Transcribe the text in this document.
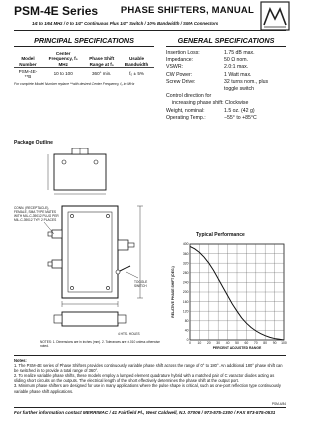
PSM-4E Series PHASE SHIFTERS, MANUAL
1⁄4 to 1⁄64 MHz / 0 to 1⁄4" Continuous Plus 1⁄4" Switch / 10% Bandwidth / SMA Connectors
PRINCIPAL SPECIFICATIONS
Model Number	Center Frequency, f₀ MHz	Phase Shift Range at f₀	Usable Bandwidth
PSM-4E-**B	10 to 100	360° min.	f₀ ± 5%
For complete Model Number replace **with desired Center Frequency, f₀ in MHz
GENERAL SPECIFICATIONS
Insertion Loss:	1.75 dB max.
Impedance:	50 Ω nom.
VSWR:	2.0:1 max.
CW Power:	1 Watt max.
Screw Drive:	32 turns nom., plus
toggle switch
Control direction for
increasing phase shift: Clockwise
Weight, nominal:	1.5 oz. (42 g)
Operating Temp.:	−55° to +85°C
Package Outline
CONN. (RECEPTACLE), FEMALE, SMA TYPE MATES WITH MIL-C-39012 PLUG PER MIL-C-39012 TYP. 2 PLACES
TOGGLE SWITCH
4 HTS. HOLES
NOTES: 1. Dimensions are in inches (mm). 2. Tolerances are ±.010 unless otherwise noted.
Typical Performance
0 10 20 30 40 50 60 70 80 90 100
0
40
80
120
160
200
240
280
320
360
400
PERCENT ADJUSTED RANGE
RELATIVE PHASE SHIFT (DEG.)
Notes:
1. The PSM-4E series of Phase Shifters provides continuously variable phase shift across the range of 0° to 180°. An additional 180° phase shift can be switched in to provide a total range of 360°.
2. To realize variable phase shifts, these models employ a lumped element quadrature hybrid with a matched pair of C varactor diodes acting as sliding short circuits on the outputs. The electrical length of the short effectively determines the phase shift at the output port.
3. Minimum phase shifters are designed for use in many applications where the pulse shape is critical, such as one-port reflection type continuously variable phase shift applications.
PSM-4/84
For further information contact MERRIMAC / 41 Fairfield Pl., West Caldwell, NJ. 07006 / 973-575-1300 / FAX 973-575-0531
